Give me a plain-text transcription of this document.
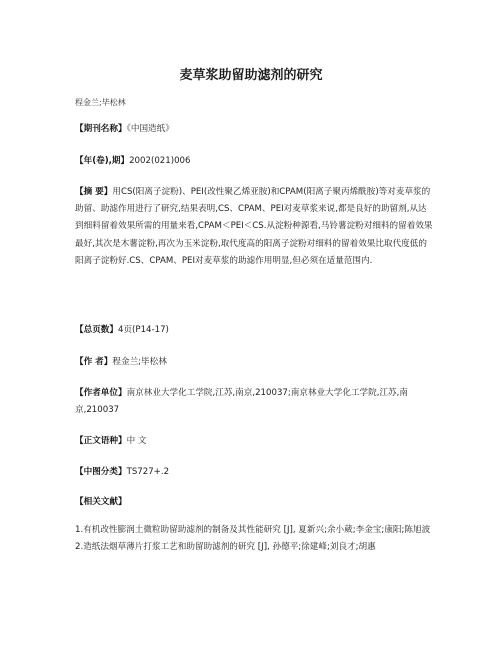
麦草浆助留助滤剂的研究
程金兰;毕松林

【期刊名称】《中国造纸》

【年(卷),期】2002(021)006

【摘 要】用CS(阳离子淀粉)、PEI(改性聚乙烯亚胺)和CPAM(阳离子聚丙烯酰胺)等对麦草浆的助留、助滤作用进行了研究,结果表明,CS、CPAM、PEI对麦草浆来说,都是良好的助留剂,从达到细料留着效果所需的用量来看,CPAM＜PEI＜CS.从淀粉种源看,马铃薯淀粉对细料的留着效果最好,其次是木薯淀粉,再次为玉米淀粉,取代度高的阳离子淀粉对细料的留着效果比取代度低的阳离子淀粉好.CS、CPAM、PEI对麦草浆的助滤作用明显,但必须在适量范围内.

【总页数】4页(P14-17)

【作 者】程金兰;毕松林

【作者单位】南京林业大学化工学院,江苏,南京,210037;南京林业大学化工学院,江苏,南京,210037

【正文语种】中 文

【中图分类】TS727+.2

【相关文献】

1.有机改性膨润土微粒助留助滤剂的制备及其性能研究 [J], 夏新兴;余小葳;李金宝;康阳;陈旭波
2.造纸法烟草薄片打浆工艺和助留助滤剂的研究 [J], 孙德平;徐建峰;刘良才;胡惠
